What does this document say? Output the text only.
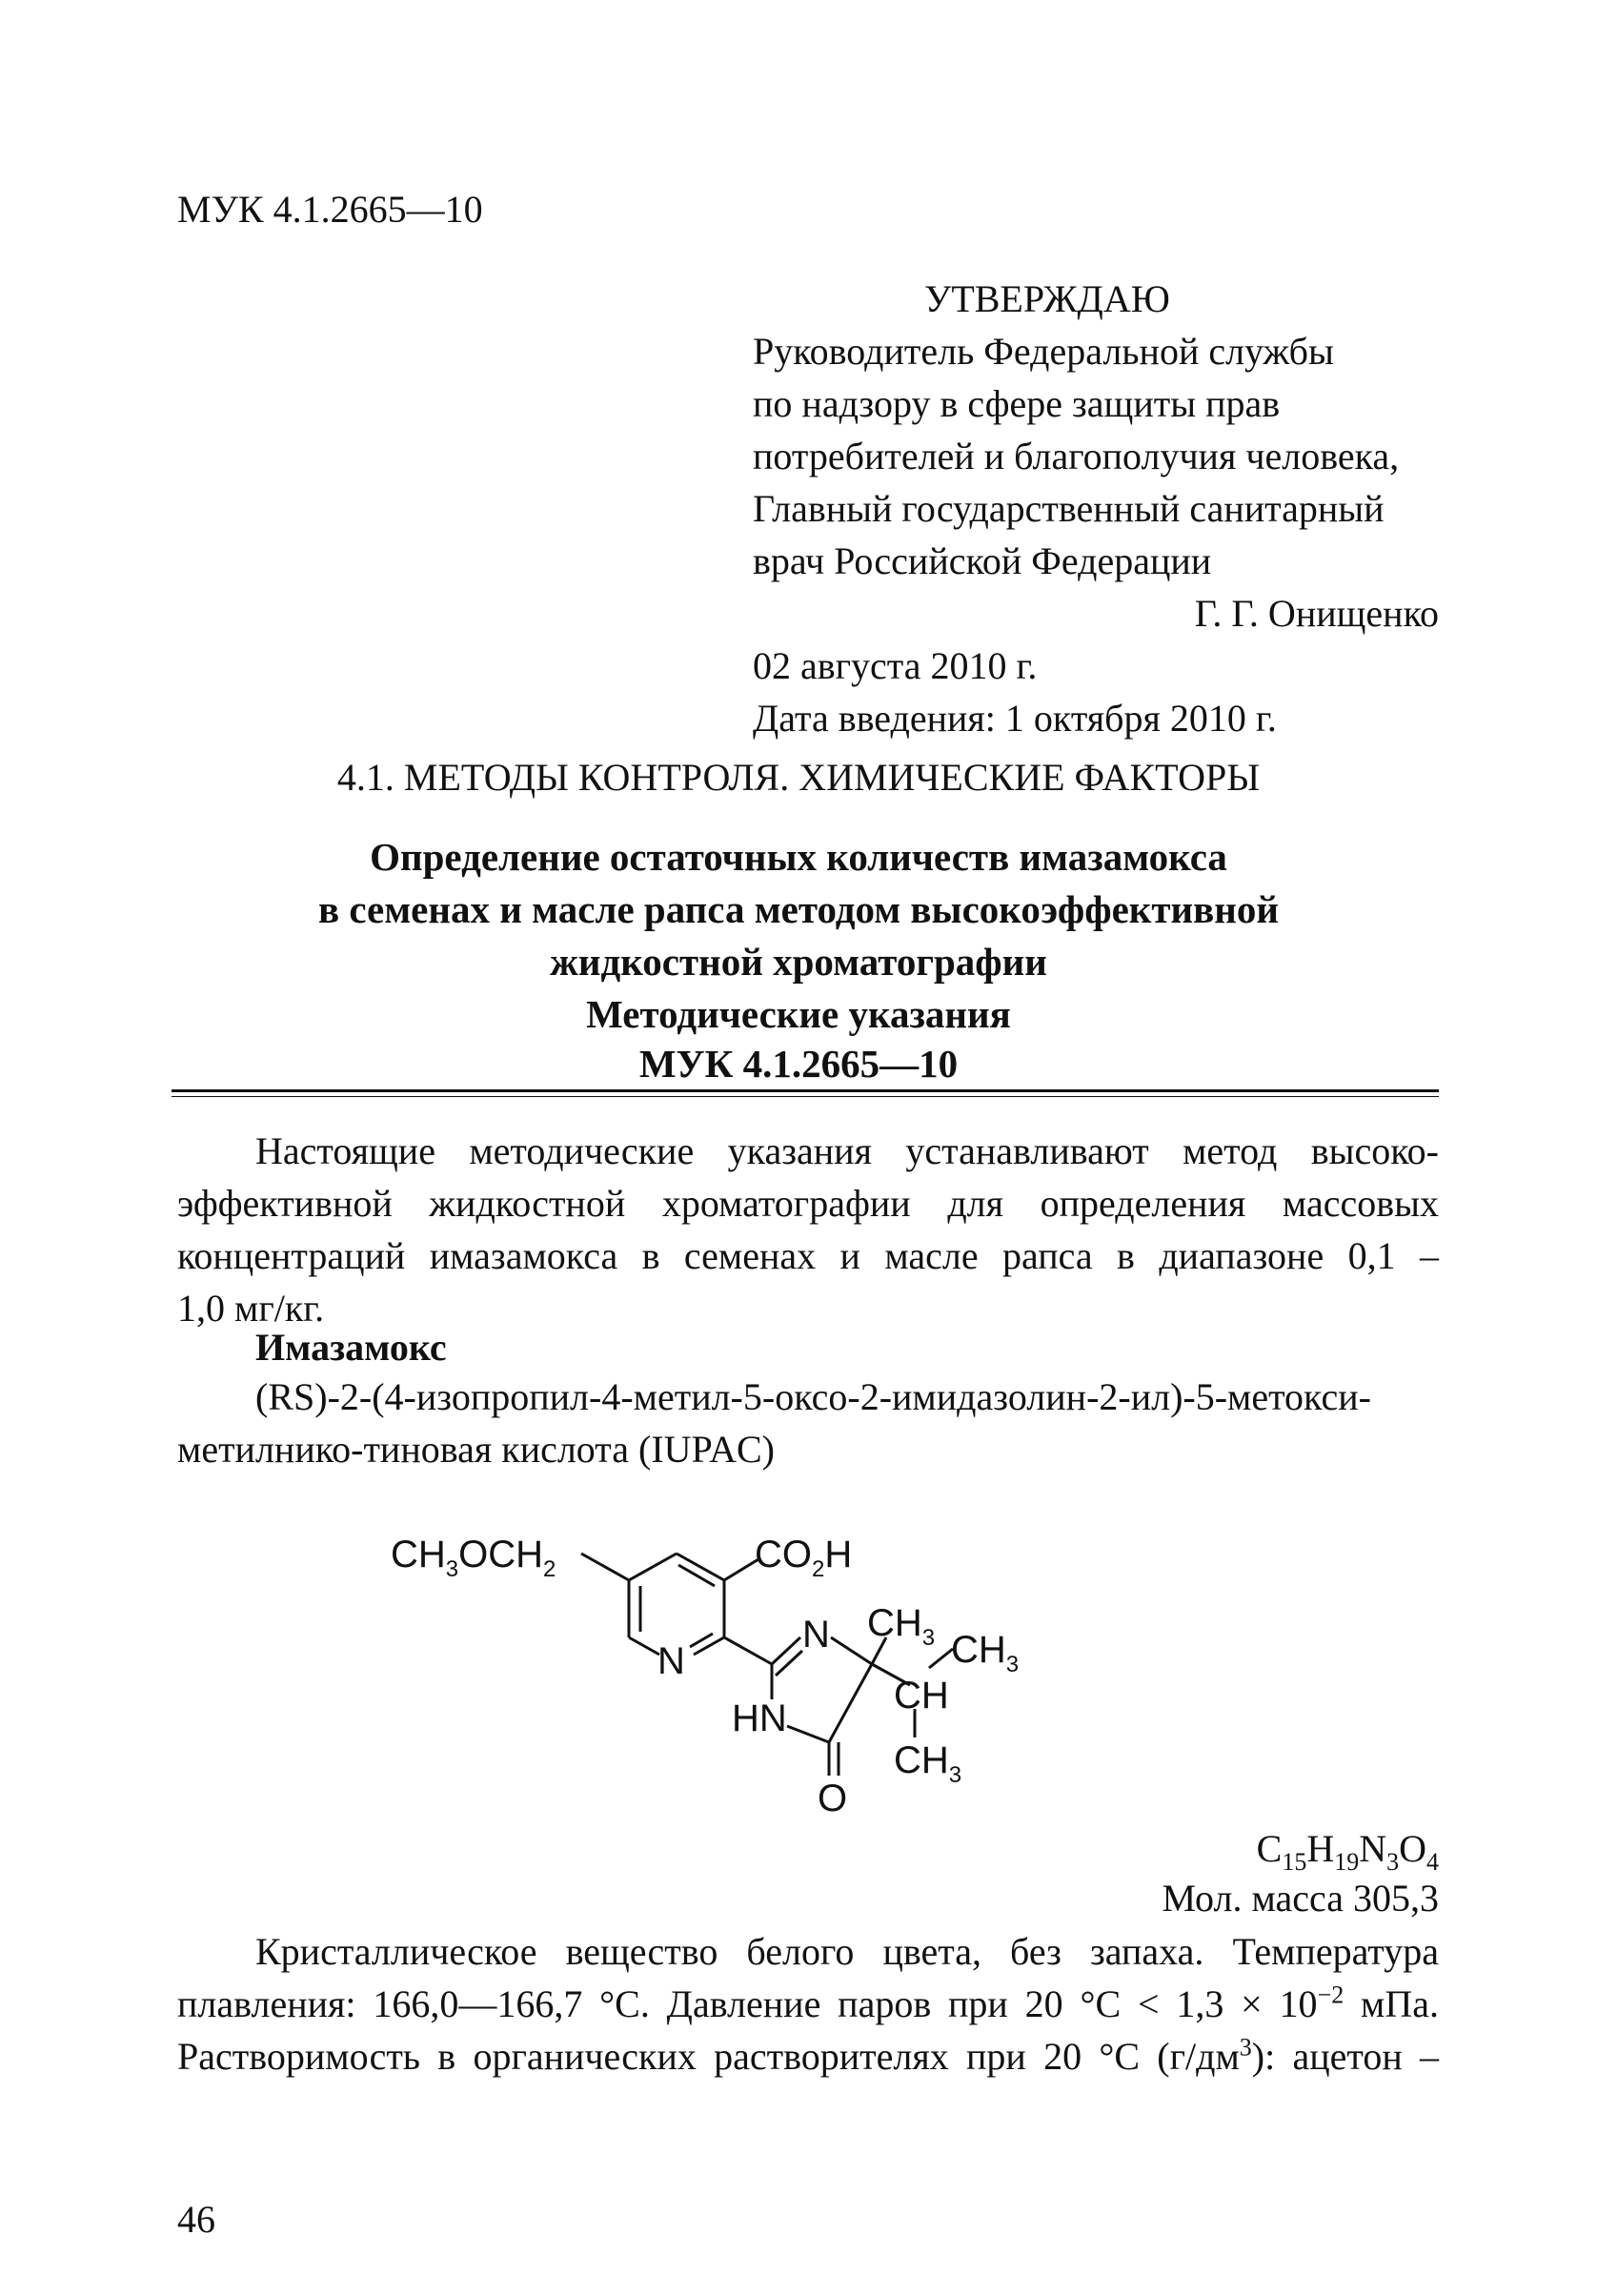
МУК 4.1.2665—10
УТВЕРЖДАЮ
Руководитель Федеральной службы
по надзору в сфере защиты прав
потребителей и благополучия человека,
Главный государственный санитарный
врач Российской Федерации
Г. Г. Онищенко
02 августа 2010 г.
Дата введения: 1 октября 2010 г.
4.1. МЕТОДЫ КОНТРОЛЯ. ХИМИЧЕСКИЕ ФАКТОРЫ
Определение остаточных количеств имазамокса
в семенах и масле рапса методом высокоэффективной
жидкостной хроматографии
Методические указания
МУК 4.1.2665—10
Настоящие методические указания устанавливают метод высоко-
эффективной жидкостной хроматографии для определения массовых
концентраций имазамокса в семенах и масле рапса в диапазоне 0,1 –
1,0 мг/кг.
Имазамокс
(RS)-2-(4-изопропил-4-метил-5-оксо-2-имидазолин-2-ил)-5-метокси-
метилнико-тиновая кислота (IUPAC)
$CH_3OCH_2$	$CO_2H$
N
N
HN
O
$CH_3$ $CH_3$
CH
$CH_3$
$C_{15}H_{19}N_3O_4$
Мол. масса 305,3
Кристаллическое вещество белого цвета, без запаха. Температура
плавления: 166,0—166,7 °С. Давление паров при 20 $^\circ С < 1,3 \times 10^{-2}$ мПа.
Растворимость в органических растворителях при 20 °С $(г/дм^3)$: ацетон –
46
